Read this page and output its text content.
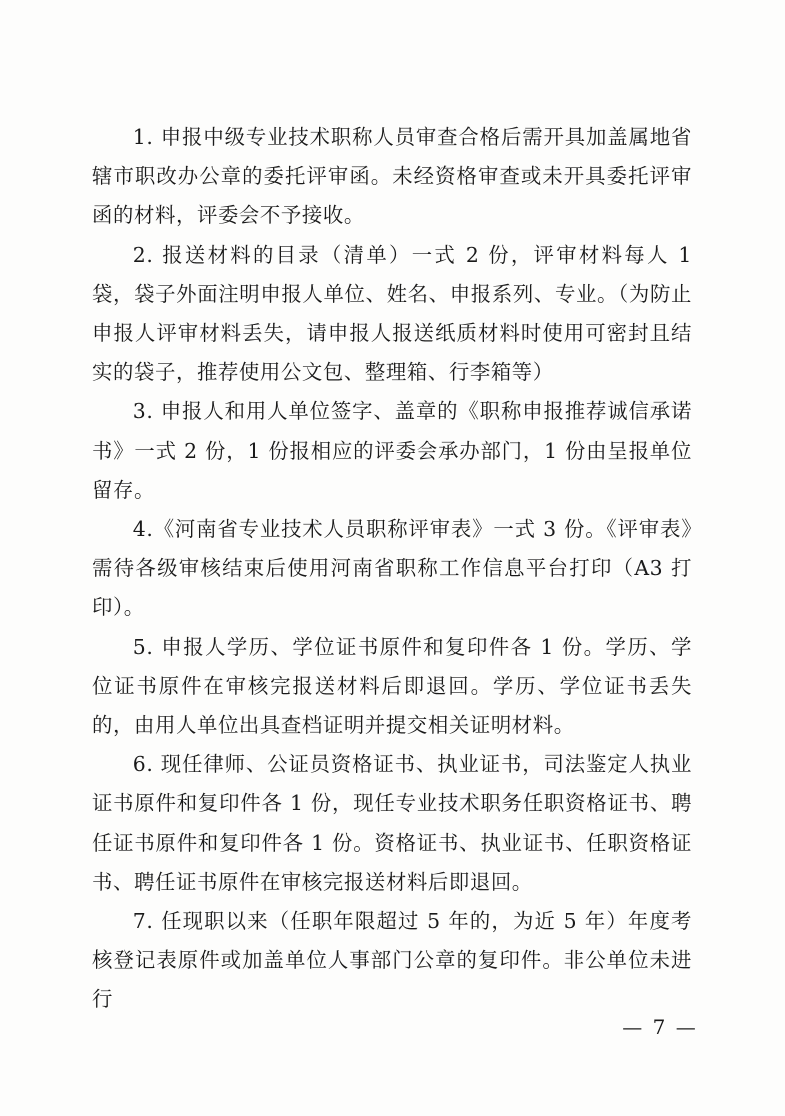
1. 申报中级专业技术职称人员审查合格后需开具加盖属地省辖市职改办公章的委托评审函。未经资格审查或未开具委托评审函的材料，评委会不予接收。

2. 报送材料的目录（清单）一式 2 份，评审材料每人 1 袋，袋子外面注明申报人单位、姓名、申报系列、专业。（为防止申报人评审材料丢失，请申报人报送纸质材料时使用可密封且结实的袋子，推荐使用公文包、整理箱、行李箱等）

3. 申报人和用人单位签字、盖章的《职称申报推荐诚信承诺书》一式 2 份，1 份报相应的评委会承办部门，1 份由呈报单位留存。

4.《河南省专业技术人员职称评审表》一式 3 份。《评审表》需待各级审核结束后使用河南省职称工作信息平台打印（A3 打印）。

5. 申报人学历、学位证书原件和复印件各 1 份。学历、学位证书原件在审核完报送材料后即退回。学历、学位证书丢失的，由用人单位出具查档证明并提交相关证明材料。

6. 现任律师、公证员资格证书、执业证书，司法鉴定人执业证书原件和复印件各 1 份，现任专业技术职务任职资格证书、聘任证书原件和复印件各 1 份。资格证书、执业证书、任职资格证书、聘任证书原件在审核完报送材料后即退回。

7. 任现职以来（任职年限超过 5 年的，为近 5 年）年度考核登记表原件或加盖单位人事部门公章的复印件。非公单位未进行

— 7 —
